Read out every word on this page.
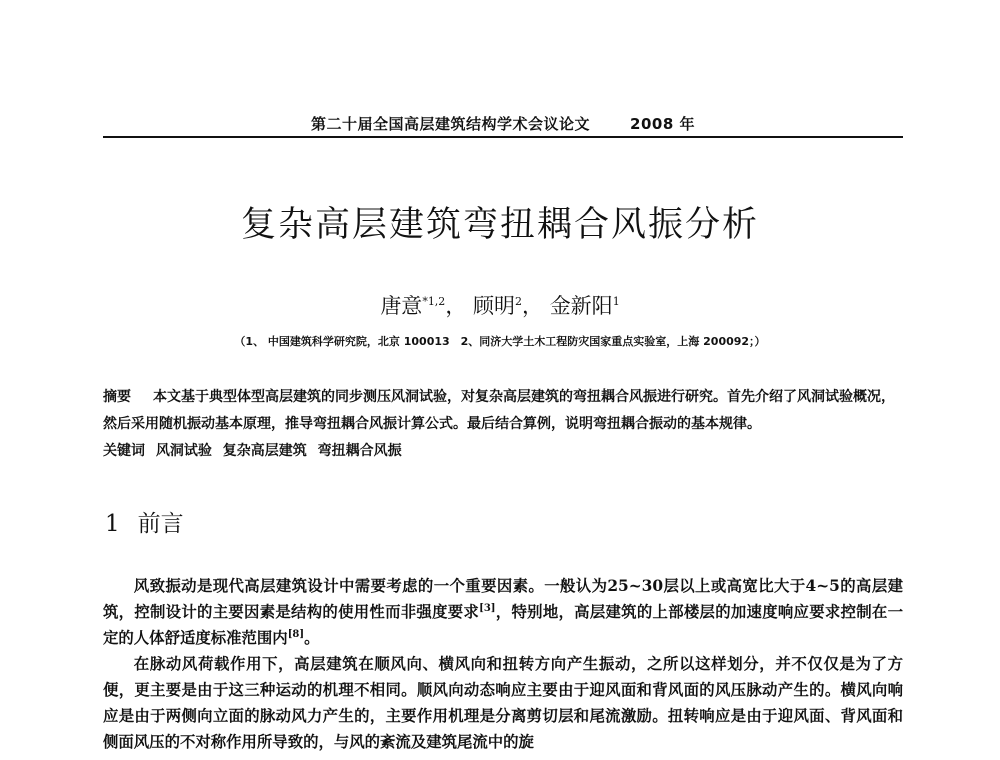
第二十届全国高层建筑结构学术会议论文	2008 年
复杂高层建筑弯扭耦合风振分析
唐意$^{*1,2}$， 顾明$^2$， 金新阳$^1$
（1、 中国建筑科学研究院，北京 100013　2、同济大学土木工程防灾国家重点实验室，上海 200092；）

摘要 本文基于典型体型高层建筑的同步测压风洞试验，对复杂高层建筑的弯扭耦合风振进行研究。首先介绍了风洞试验概况，然后采用随机振动基本原理，推导弯扭耦合风振计算公式。最后结合算例，说明弯扭耦合振动的基本规律。

关键词 风洞试验 复杂高层建筑 弯扭耦合风振

1 前言

风致振动是现代高层建筑设计中需要考虑的一个重要因素。一般认为25~30层以上或高宽比大于4~5的高层建筑，控制设计的主要因素是结构的使用性而非强度要求[3]，特别地，高层建筑的上部楼层的加速度响应要求控制在一定的人体舒适度标准范围内[8]。

在脉动风荷载作用下，高层建筑在顺风向、横风向和扭转方向产生振动，之所以这样划分，并不仅仅是为了方便，更主要是由于这三种运动的机理不相同。顺风向动态响应主要由于迎风面和背风面的风压脉动产生的。横风向响应是由于两侧向立面的脉动风力产生的，主要作用机理是分离剪切层和尾流激励。扭转响应是由于迎风面、背风面和侧面风压的不对称作用所导致的，与风的紊流及建筑尾流中的旋
